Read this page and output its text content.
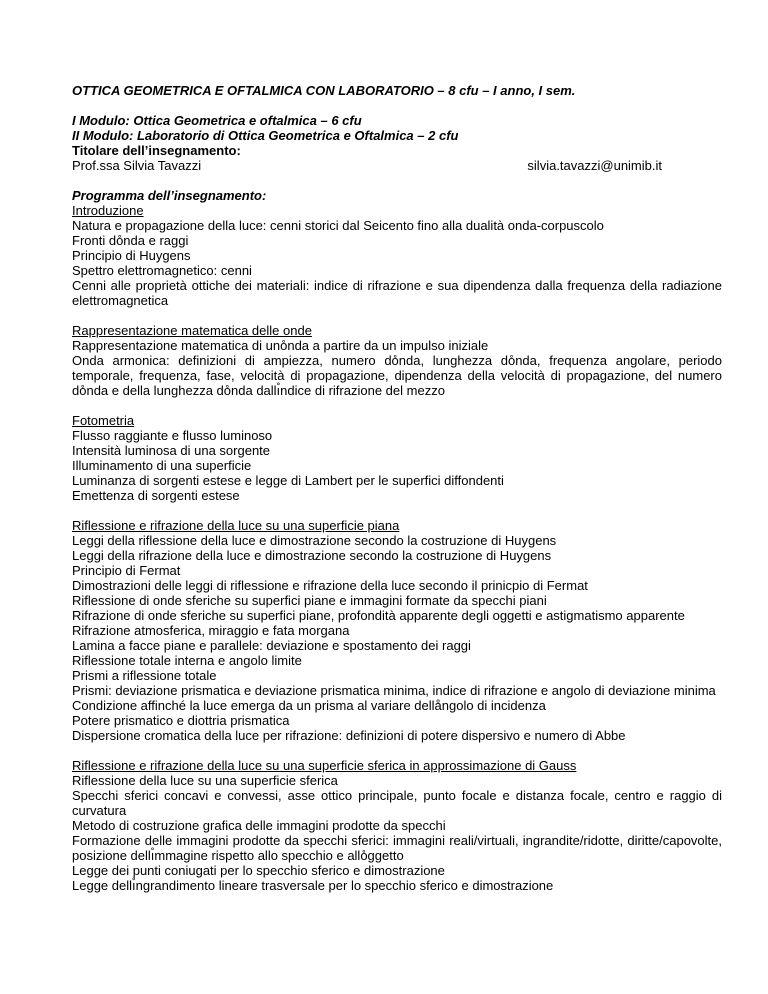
OTTICA GEOMETRICA E OFTALMICA CON LABORATORIO – 8 cfu – I anno, I sem.

I Modulo: Ottica Geometrica e oftalmica – 6 cfu

II Modulo: Laboratorio di Ottica Geometrica e Oftalmica – 2 cfu

Titolare dell’insegnamento:

Prof.ssa Silvia Tavazzi	silvia.tavazzi@unimib.it

Programma dell’insegnamento:

Introduzione

Natura e propagazione della luce: cenni storici dal Seicento fino alla dualità onda-corpuscolo

Fronti do̊nda e raggi

Principio di Huygens

Spettro elettromagnetico: cenni

Cenni alle proprietà ottiche dei materiali: indice di rifrazione e sua dipendenza dalla frequenza della radiazione elettromagnetica

Rappresentazione matematica delle onde

Rappresentazione matematica di uno̊nda a partire da un impulso iniziale

Onda armonica: definizioni di ampiezza, numero do̊nda, lunghezza do̊nda, frequenza angolare, periodo temporale, frequenza, fase, velocità di propagazione, dipendenza della velocità di propagazione, del numero do̊nda e della lunghezza do̊nda dallı̊ndice di rifrazione del mezzo

Fotometria

Flusso raggiante e flusso luminoso

Intensità luminosa di una sorgente

Illuminamento di una superficie

Luminanza di sorgenti estese e legge di Lambert per le superfici diffondenti

Emettenza di sorgenti estese

Riflessione e rifrazione della luce su una superficie piana

Leggi della riflessione della luce e dimostrazione secondo la costruzione di Huygens

Leggi della rifrazione della luce e dimostrazione secondo la costruzione di Huygens

Principio di Fermat

Dimostrazioni delle leggi di riflessione e rifrazione della luce secondo il prinicpio di Fermat

Riflessione di onde sferiche su superfici piane e immagini formate da specchi piani

Rifrazione di onde sferiche su superfici piane, profondità apparente degli oggetti e astigmatismo apparente

Rifrazione atmosferica, miraggio e fata morgana

Lamina a facce piane e parallele: deviazione e spostamento dei raggi

Riflessione totale interna e angolo limite

Prismi a riflessione totale

Prismi: deviazione prismatica e deviazione prismatica minima, indice di rifrazione e angolo di deviazione minima

Condizione affinché la luce emerga da un prisma al variare dellångolo di incidenza

Potere prismatico e diottria prismatica

Dispersione cromatica della luce per rifrazione: definizioni di potere dispersivo e numero di Abbe

Riflessione e rifrazione della luce su una superficie sferica in approssimazione di Gauss

Riflessione della luce su una superficie sferica

Specchi sferici concavi e convessi, asse ottico principale, punto focale e distanza focale, centro e raggio di curvatura

Metodo di costruzione grafica delle immagini prodotte da specchi

Formazione delle immagini prodotte da specchi sferici: immagini reali/virtuali, ingrandite/ridotte, diritte/capovolte, posizione dellı̊mmagine rispetto allo specchio e allo̊ggetto

Legge dei punti coniugati per lo specchio sferico e dimostrazione

Legge dellı̊ngrandimento lineare trasversale per lo specchio sferico e dimostrazione
